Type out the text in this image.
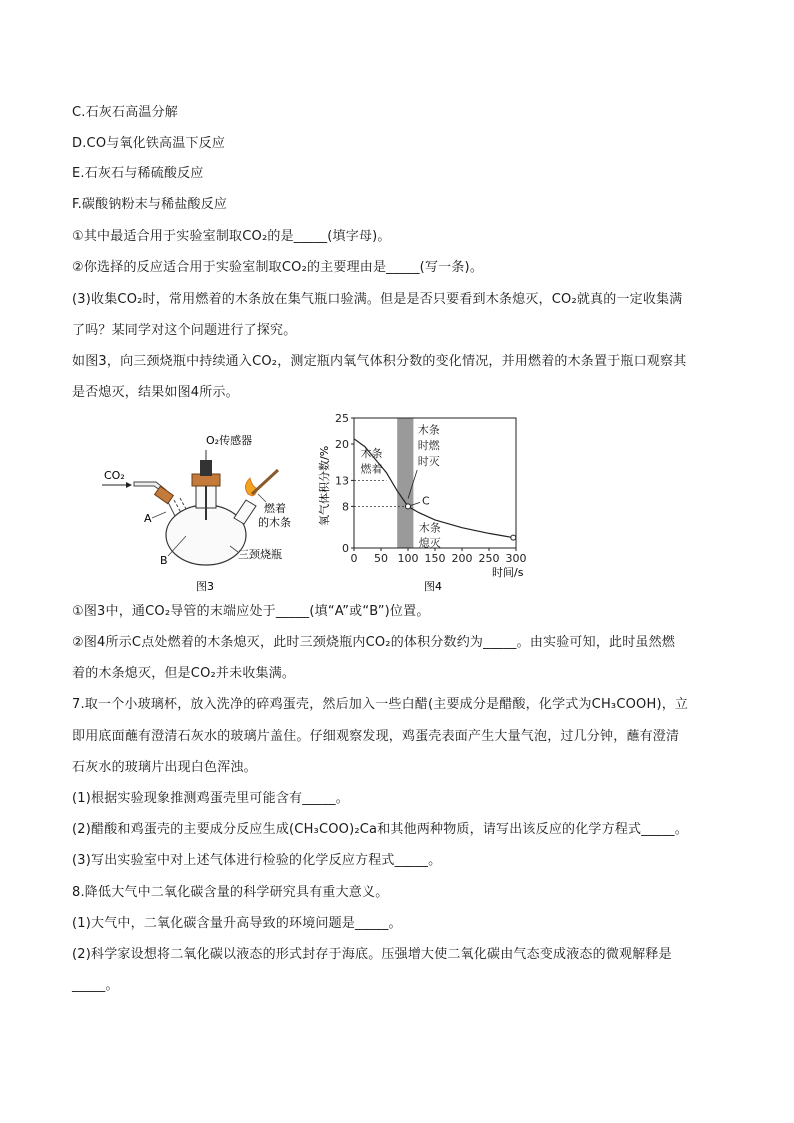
C.石灰石高温分解
D.CO与氧化铁高温下反应
E.石灰石与稀硫酸反应
F.碳酸钠粉末与稀盐酸反应
①其中最适合用于实验室制取CO₂的是_____(填字母)。
②你选择的反应适合用于实验室制取CO₂的主要理由是_____(写一条)。
(3)收集CO₂时，常用燃着的木条放在集气瓶口验满。但是是否只要看到木条熄灭，CO₂就真的一定收集满
了吗？某同学对这个问题进行了探究。
如图3，向三颈烧瓶中持续通入CO₂，测定瓶内氧气体积分数的变化情况，并用燃着的木条置于瓶口观察其
是否熄灭，结果如图4所示。
CO₂
O₂传感器
燃着
的木条
A
B	三颈烧瓶
图3
氧气体积分数/%
0
8
13
20
25
0 50 100 150 200 250 300
C
木条
燃着
木条
时燃
时灭
木条
熄灭
时间/s
图4
①图3中，通CO₂导管的末端应处于_____(填“A”或“B”)位置。
②图4所示C点处燃着的木条熄灭，此时三颈烧瓶内CO₂的体积分数约为_____。由实验可知，此时虽然燃
着的木条熄灭，但是CO₂并未收集满。
7.取一个小玻璃杯，放入洗净的碎鸡蛋壳，然后加入一些白醋(主要成分是醋酸，化学式为CH₃COOH)，立
即用底面蘸有澄清石灰水的玻璃片盖住。仔细观察发现，鸡蛋壳表面产生大量气泡，过几分钟，蘸有澄清
石灰水的玻璃片出现白色浑浊。
(1)根据实验现象推测鸡蛋壳里可能含有_____。
(2)醋酸和鸡蛋壳的主要成分反应生成(CH₃COO)₂Ca和其他两种物质，请写出该反应的化学方程式_____。
(3)写出实验室中对上述气体进行检验的化学反应方程式_____。
8.降低大气中二氧化碳含量的科学研究具有重大意义。
(1)大气中，二氧化碳含量升高导致的环境问题是_____。
(2)科学家设想将二氧化碳以液态的形式封存于海底。压强增大使二氧化碳由气态变成液态的微观解释是
_____。
